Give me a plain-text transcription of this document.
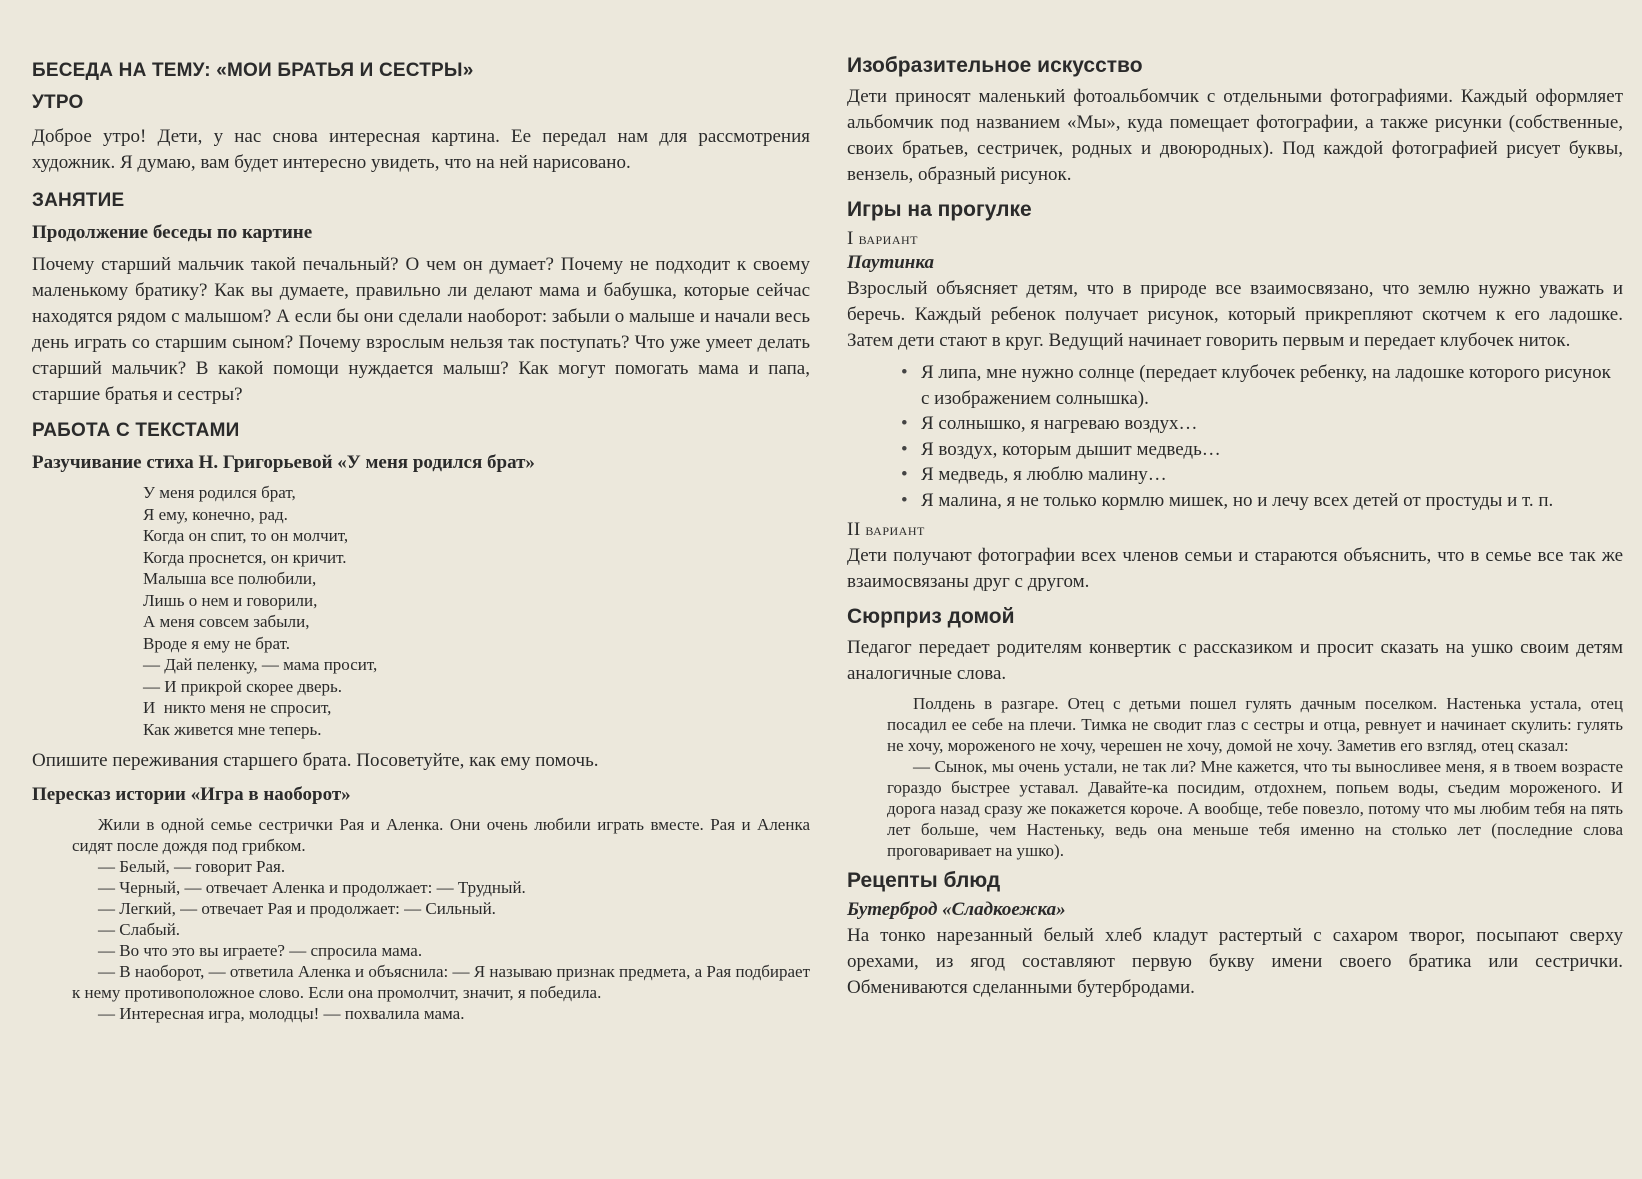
БЕСЕДА НА ТЕМУ: «МОИ БРАТЬЯ И СЕСТРЫ»
УТРО
Доброе утро! Дети, у нас снова интересная картина. Ее передал нам для рассмотрения художник. Я думаю, вам будет интересно увидеть, что на ней нарисовано.
ЗАНЯТИЕ
Продолжение беседы по картине
Почему старший мальчик такой печальный? О чем он думает? Почему не подходит к своему маленькому братику? Как вы думаете, правильно ли делают мама и бабушка, которые сейчас находятся рядом с малышом? А если бы они сделали наоборот: забыли о малыше и начали весь день играть со старшим сыном? Почему взрослым нельзя так поступать? Что уже умеет делать старший мальчик? В какой помощи нуждается малыш? Как могут помогать мама и папа, старшие братья и сестры?
РАБОТА С ТЕКСТАМИ
Разучивание стиха Н. Григорьевой «У меня родился брат»
У меня родился брат,
Я ему, конечно, рад.
Когда он спит, то он молчит,
Когда проснется, он кричит.
Малыша все полюбили,
Лишь о нем и говорили,
А меня совсем забыли,
Вроде я ему не брат.
— Дай пеленку, — мама просит,
— И прикрой скорее дверь.
И  никто меня не спросит,
Как живется мне теперь.
Опишите переживания старшего брата. Посоветуйте, как ему помочь.
Пересказ истории «Игра в наоборот»
Жили в одной семье сестрички Рая и Аленка. Они очень любили играть вместе. Рая и Аленка сидят после дождя под грибком.
— Белый, — говорит Рая.
— Черный, — отвечает Аленка и продолжает: — Трудный.
— Легкий, — отвечает Рая и продолжает: — Сильный.
— Слабый.
— Во что это вы играете? — спросила мама.
— В наоборот, — ответила Аленка и объяснила: — Я называю признак предмета, а Рая подбирает к нему противоположное слово. Если она промолчит, значит, я победила.
— Интересная игра, молодцы! — похвалила мама.
Изобразительное искусство
Дети приносят маленький фотоальбомчик с отдельными фотографиями. Каждый оформляет альбомчик под названием «Мы», куда помещает фотографии, а также рисунки (собственные, своих братьев, сестричек, родных и двоюродных). Под каждой фотографией рисует буквы, вензель, образный рисунок.
Игры на прогулке
I вариант
Паутинка
Взрослый объясняет детям, что в природе все взаимосвязано, что землю нужно уважать и беречь. Каждый ребенок получает рисунок, который прикрепляют скотчем к его ладошке. Затем дети стают в круг. Ведущий начинает говорить первым и передает клубочек ниток.
• Я липа, мне нужно солнце (передает клубочек ребенку, на ладошке которого рисунок с изображением солнышка).
• Я солнышко, я нагреваю воздух…
• Я воздух, которым дышит медведь…
• Я медведь, я люблю малину…
• Я малина, я не только кормлю мишек, но и лечу всех детей от простуды и т. п.
II вариант
Дети получают фотографии всех членов семьи и стараются объяснить, что в семье все так же взаимосвязаны друг с другом.
Сюрприз домой
Педагог передает родителям конвертик с рассказиком и просит сказать на ушко своим детям аналогичные слова.
Полдень в разгаре. Отец с детьми пошел гулять дачным поселком. Настенька устала, отец посадил ее себе на плечи. Тимка не сводит глаз с сестры и отца, ревнует и начинает скулить: гулять не хочу, мороженого не хочу, черешен не хочу, домой не хочу. Заметив его взгляд, отец сказал:
— Сынок, мы очень устали, не так ли? Мне кажется, что ты выносливее меня, я в твоем возрасте гораздо быстрее уставал. Давайте-ка посидим, отдохнем, попьем воды, съедим мороженого. И дорога назад сразу же покажется короче. А вообще, тебе повезло, потому что мы любим тебя на пять лет больше, чем Настеньку, ведь она меньше тебя именно на столько лет (последние слова проговаривает на ушко).
Рецепты блюд
Бутерброд «Сладкоежка»
На тонко нарезанный белый хлеб кладут растертый с сахаром творог, посыпают сверху орехами, из ягод составляют первую букву имени своего братика или сестрички. Обмениваются сделанными бутербродами.
